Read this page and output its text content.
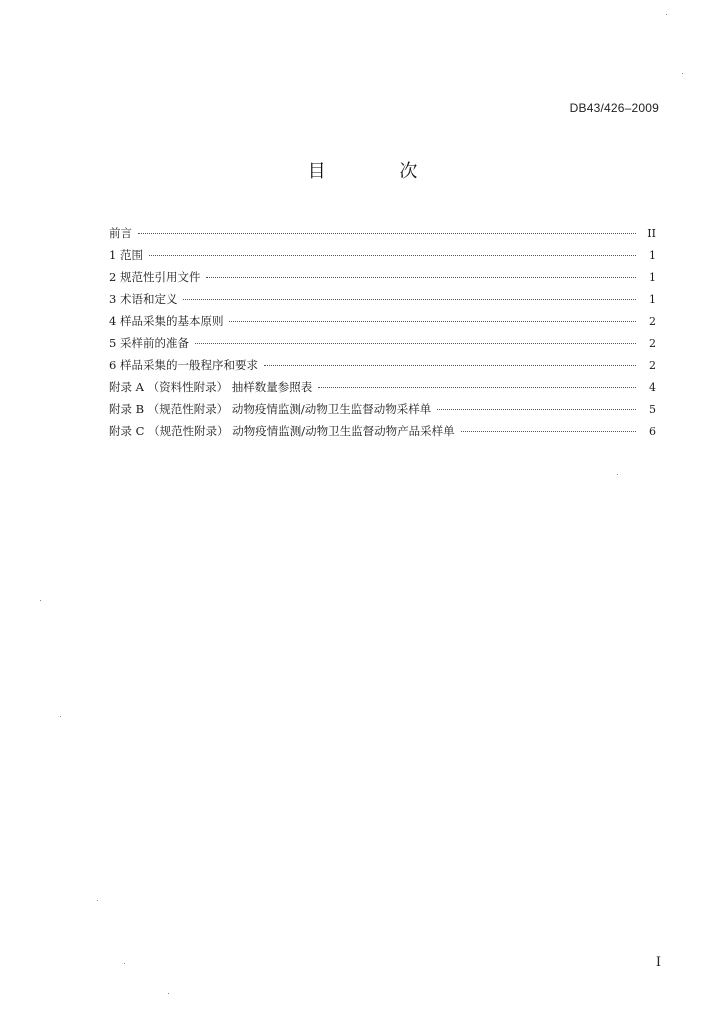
DB43/426–2009
目 次
前言	II
1 范围	1
2 规范性引用文件	1
3 术语和定义	1
4 样品采集的基本原则	2
5 采样前的准备	2
6 样品采集的一般程序和要求	2
附录 A （资料性附录） 抽样数量参照表	4
附录 B （规范性附录） 动物疫情监测/动物卫生监督动物采样单	5
附录 C （规范性附录） 动物疫情监测/动物卫生监督动物产品采样单	6
I
